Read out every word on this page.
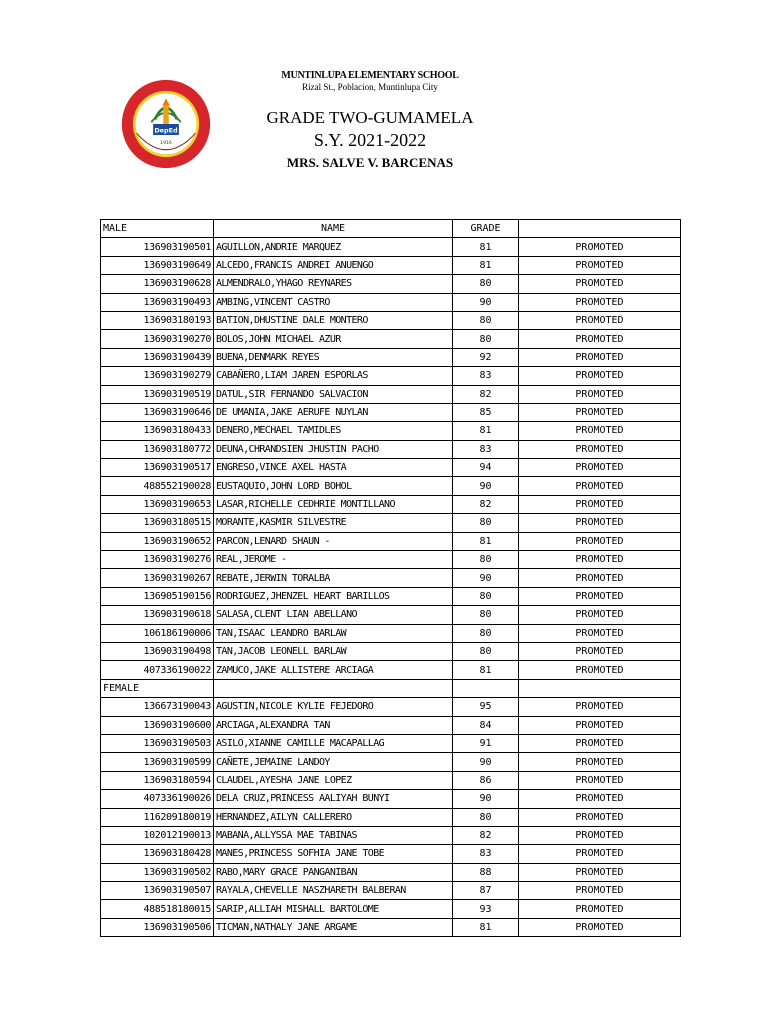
DepEd
1916
MUNTINLUPA ELEMENTARY SCHOOL
Rizal St., Poblacion, Muntinlupa City
GRADE TWO-GUMAMELA
S.Y. 2021-2022
MRS. SALVE V. BARCENAS
MALE	NAME	GRADE	
136903190501	AGUILLON,ANDRIE MARQUEZ	81	PROMOTED
136903190649	ALCEDO,FRANCIS ANDREI ANUENGO	81	PROMOTED
136903190628	ALMENDRALO,YHAGO REYNARES	80	PROMOTED
136903190493	AMBING,VINCENT CASTRO	90	PROMOTED
136903180193	BATION,DHUSTINE DALE MONTERO	80	PROMOTED
136903190270	BOLOS,JOHN MICHAEL AZUR	80	PROMOTED
136903190439	BUENA,DENMARK REYES	92	PROMOTED
136903190279	CABAÑERO,LIAM JAREN ESPORLAS	83	PROMOTED
136903190519	DATUL,SIR FERNANDO SALVACION	82	PROMOTED
136903190646	DE UMANIA,JAKE AERUFE NUYLAN	85	PROMOTED
136903180433	DENERO,MECHAEL TAMIDLES	81	PROMOTED
136903180772	DEUNA,CHRANDSIEN JHUSTIN PACHO	83	PROMOTED
136903190517	ENGRESO,VINCE AXEL HASTA	94	PROMOTED
488552190028	EUSTAQUIO,JOHN LORD BOHOL	90	PROMOTED
136903190653	LASAR,RICHELLE CEDHRIE MONTILLANO	82	PROMOTED
136903180515	MORANTE,KASMIR SILVESTRE	80	PROMOTED
136903190652	PARCON,LENARD SHAUN -	81	PROMOTED
136903190276	REAL,JEROME -	80	PROMOTED
136903190267	REBATE,JERWIN TORALBA	90	PROMOTED
136905190156	RODRIGUEZ,JHENZEL HEART BARILLOS	80	PROMOTED
136903190618	SALASA,CLENT LIAN ABELLANO	80	PROMOTED
106186190006	TAN,ISAAC LEANDRO BARLAW	80	PROMOTED
136903190498	TAN,JACOB LEONELL BARLAW	80	PROMOTED
407336190022	ZAMUCO,JAKE ALLISTERE ARCIAGA	81	PROMOTED
FEMALE			
136673190043	AGUSTIN,NICOLE KYLIE FEJEDORO	95	PROMOTED
136903190600	ARCIAGA,ALEXANDRA TAN	84	PROMOTED
136903190503	ASILO,XIANNE CAMILLE MACAPALLAG	91	PROMOTED
136903190599	CAÑETE,JEMAINE LANDOY	90	PROMOTED
136903180594	CLAUDEL,AYESHA JANE LOPEZ	86	PROMOTED
407336190026	DELA CRUZ,PRINCESS AALIYAH BUNYI	90	PROMOTED
116209180019	HERNANDEZ,AILYN CALLERERO	80	PROMOTED
102012190013	MABANA,ALLYSSA MAE TABINAS	82	PROMOTED
136903180428	MANES,PRINCESS SOFHIA JANE TOBE	83	PROMOTED
136903190502	RABO,MARY GRACE PANGANIBAN	88	PROMOTED
136903190507	RAYALA,CHEVELLE NASZHARETH BALBERAN	87	PROMOTED
488518180015	SARIP,ALLIAH MISHALL BARTOLOME	93	PROMOTED
136903190506	TICMAN,NATHALY JANE ARGAME	81	PROMOTED
